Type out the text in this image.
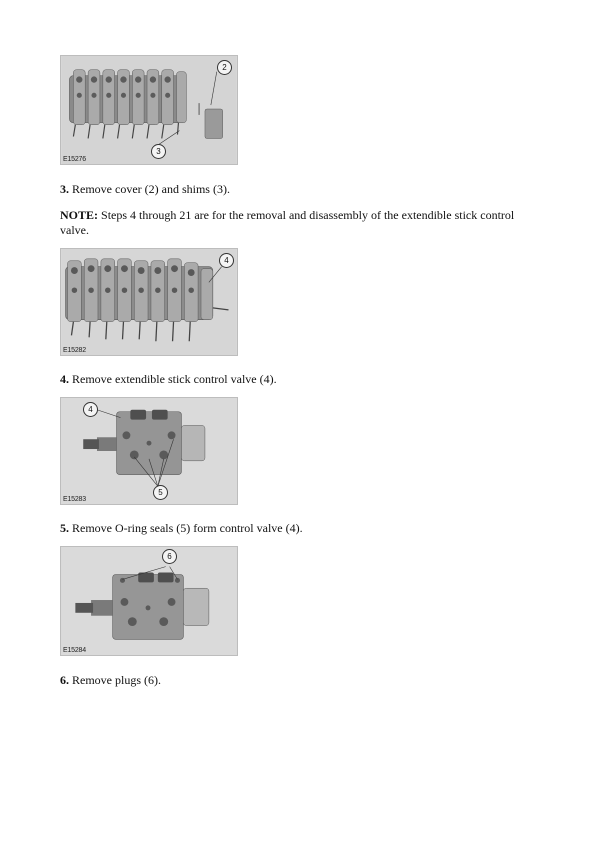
2
3
E15276
3. Remove cover (2) and shims (3).
NOTE: Steps 4 through 21 are for the removal and disassembly of the extendible stick control valve.
4
E15282
4. Remove extendible stick control valve (4).
4
5
E15283
5. Remove O-ring seals (5) form control valve (4).
6
E15284
6. Remove plugs (6).
